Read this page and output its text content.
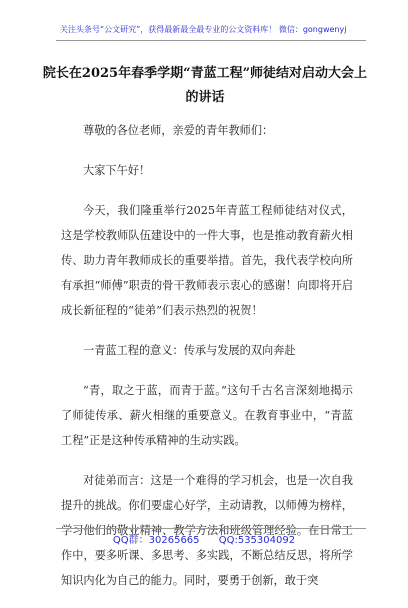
关注头条号“公文研究”，获得最新最全最专业的公文资料库！ 微信：gongwenyj
院长在2025年春季学期“青蓝工程”师徒结对启动大会上的讲话

尊敬的各位老师，亲爱的青年教师们：

大家下午好！

今天，我们隆重举行2025年青蓝工程师徒结对仪式，这是学校教师队伍建设中的一件大事，也是推动教育薪火相传、助力青年教师成长的重要举措。首先，我代表学校向所有承担“师傅”职责的骨干教师表示衷心的感谢！向即将开启成长新征程的“徒弟”们表示热烈的祝贺！

一青蓝工程的意义：传承与发展的双向奔赴

“青，取之于蓝，而青于蓝。”这句千古名言深刻地揭示了师徒传承、薪火相继的重要意义。在教育事业中，“青蓝工程”正是这种传承精神的生动实践。

对徒弟而言：这是一个难得的学习机会，也是一次自我提升的挑战。你们要虚心好学，主动请教，以师傅为榜样，学习他们的敬业精神、教学方法和班级管理经验。在日常工作中，要多听课、多思考、多实践，不断总结反思，将所学知识内化为自己的能力。同时，要勇于创新，敢于突

QQ群：30265665 QQ:535304092
